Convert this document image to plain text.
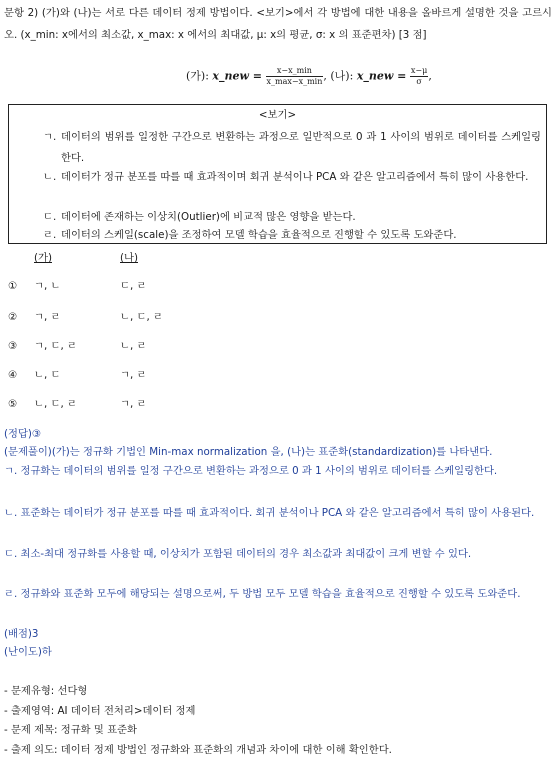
문항 2) (가)와 (나)는 서로 다른 데이터 정제 방법이다. <보기>에서 각 방법에 대한 내용을 올바르게 설명한 것을 고르시오. (x_min: x에서의 최소값, x_max: x 에서의 최대값, μ: x의 평균, σ: x 의 표준편차) [3 점]
(가): x_new = $\frac{x-x\_\min}{x\_\max-x\_\min}$ , (나): x_new = $\frac{x-\mu}{\sigma}$ ,
<보기>
ㄱ. 데이터의 범위를 일정한 구간으로 변환하는 과정으로 일반적으로 0 과 1 사이의 범위로 데이터를 스케일링한다.
ㄴ. 데이터가 정규 분포를 따를 때 효과적이며 회귀 분석이나 PCA 와 같은 알고리즘에서 특히 많이 사용한다.
ㄷ. 데이터에 존재하는 이상치(Outlier)에 비교적 많은 영향을 받는다.
ㄹ. 데이터의 스케일(scale)을 조정하여 모델 학습을 효율적으로 진행할 수 있도록 도와준다.
(가)	(나)
① ㄱ, ㄴ	ㄷ, ㄹ
② ㄱ, ㄹ	ㄴ, ㄷ, ㄹ
③ ㄱ, ㄷ, ㄹ	ㄴ, ㄹ
④ ㄴ, ㄷ	ㄱ, ㄹ
⑤ ㄴ, ㄷ, ㄹ	ㄱ, ㄹ
(정답)③
(문제풀이)(가)는 정규화 기법인 Min-max normalization 을, (나)는 표준화(standardization)를 나타낸다.
ㄱ. 정규화는 데이터의 범위를 일정 구간으로 변환하는 과정으로 0 과 1 사이의 범위로 데이터를 스케일링한다.
ㄴ. 표준화는 데이터가 정규 분포를 따를 때 효과적이다. 회귀 분석이나 PCA 와 같은 알고리즘에서 특히 많이 사용된다.
ㄷ. 최소-최대 정규화를 사용할 때, 이상치가 포함된 데이터의 경우 최소값과 최대값이 크게 변할 수 있다.
ㄹ. 정규화와 표준화 모두에 해당되는 설명으로써, 두 방법 모두 모델 학습을 효율적으로 진행할 수 있도록 도와준다.
(배점)3
(난이도)하
- 문제유형: 선다형
- 출제영역: AI 데이터 전처리>데이터 정제
- 문제 제목: 정규화 및 표준화
- 출제 의도: 데이터 정제 방법인 정규화와 표준화의 개념과 차이에 대한 이해 확인한다.
